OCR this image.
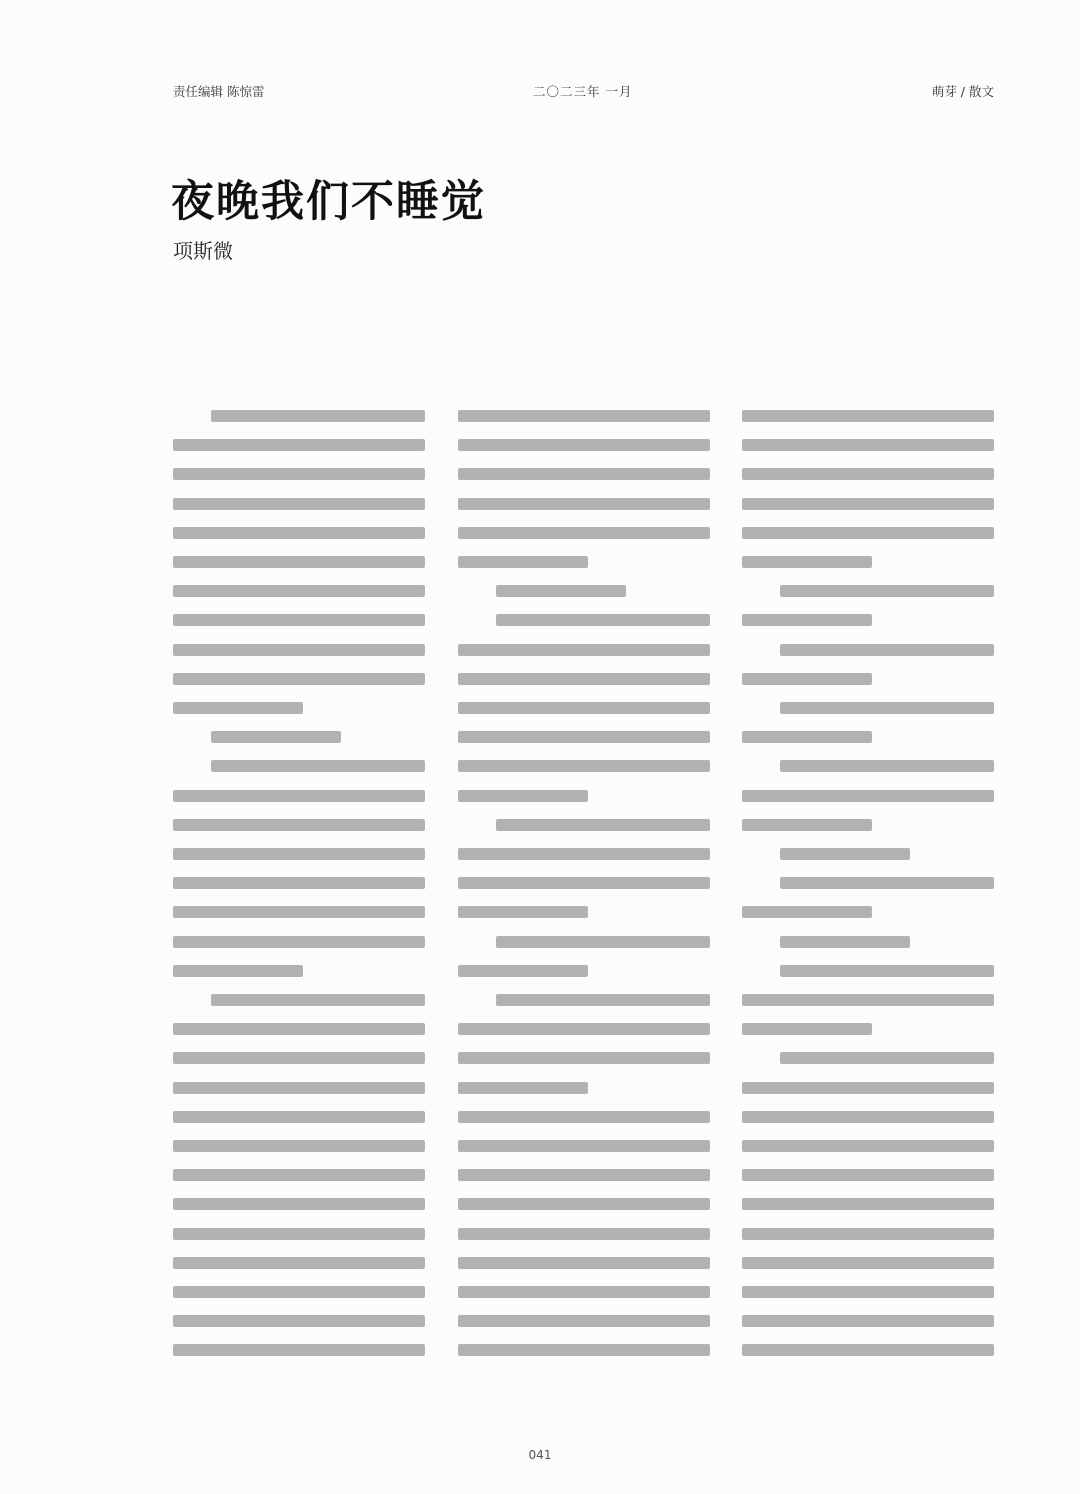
责任编辑 陈惊雷	二〇二三年 一月	萌芽 / 散文
夜晚我们不睡觉

项斯微

041
